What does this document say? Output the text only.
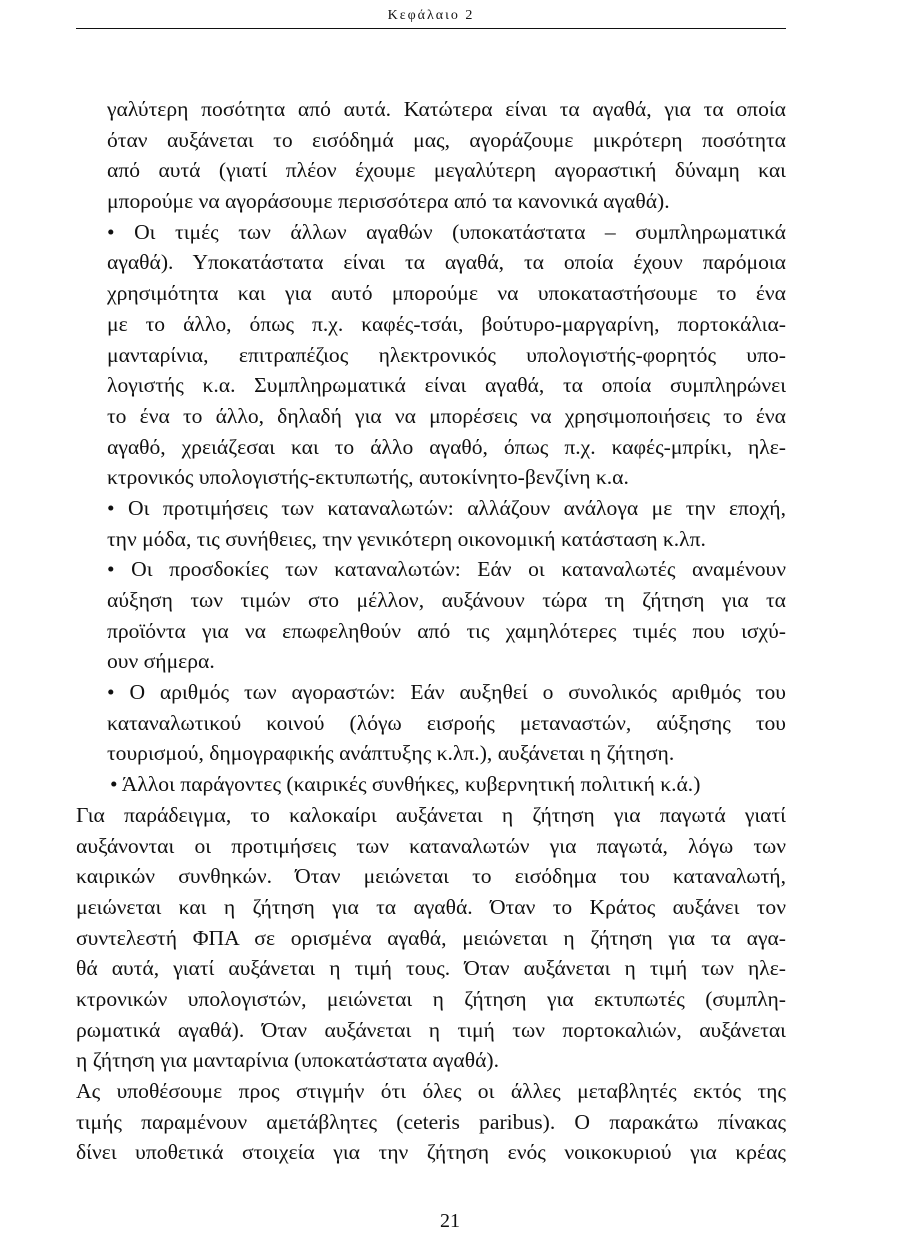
Κεφάλαιο 2
γαλύτερη ποσότητα από αυτά. Κατώτερα είναι τα αγαθά, για τα οποία
όταν αυξάνεται το εισόδημά μας, αγοράζουμε μικρότερη ποσότητα
από αυτά (γιατί πλέον έχουμε μεγαλύτερη αγοραστική δύναμη και
μπορούμε να αγοράσουμε περισσότερα από τα κανονικά αγαθά).
• Οι τιμές των άλλων αγαθών (υποκατάστατα – συμπληρωματικά
αγαθά). Υποκατάστατα είναι τα αγαθά, τα οποία έχουν παρόμοια
χρησιμότητα και για αυτό μπορούμε να υποκαταστήσουμε το ένα
με το άλλο, όπως π.χ. καφές-τσάι, βούτυρο-μαργαρίνη, πορτοκάλια-
μανταρίνια, επιτραπέζιος ηλεκτρονικός υπολογιστής-φορητός υπο-
λογιστής κ.α. Συμπληρωματικά είναι αγαθά, τα οποία συμπληρώνει
το ένα το άλλο, δηλαδή για να μπορέσεις να χρησιμοποιήσεις το ένα
αγαθό, χρειάζεσαι και το άλλο αγαθό, όπως π.χ. καφές-μπρίκι, ηλε-
κτρονικός υπολογιστής-εκτυπωτής, αυτοκίνητο-βενζίνη κ.α.
• Οι προτιμήσεις των καταναλωτών: αλλάζουν ανάλογα με την εποχή,
την μόδα, τις συνήθειες, την γενικότερη οικονομική κατάσταση κ.λπ.
• Οι προσδοκίες των καταναλωτών: Εάν οι καταναλωτές αναμένουν
αύξηση των τιμών στο μέλλον, αυξάνουν τώρα τη ζήτηση για τα
προϊόντα για να επωφεληθούν από τις χαμηλότερες τιμές που ισχύ-
ουν σήμερα.
• Ο αριθμός των αγοραστών: Εάν αυξηθεί ο συνολικός αριθμός του
καταναλωτικού κοινού (λόγω εισροής μεταναστών, αύξησης του
τουρισμού, δημογραφικής ανάπτυξης κ.λπ.), αυξάνεται η ζήτηση.
• Άλλοι παράγοντες (καιρικές συνθήκες, κυβερνητική πολιτική κ.ά.)
Για παράδειγμα, το καλοκαίρι αυξάνεται η ζήτηση για παγωτά γιατί
αυξάνονται οι προτιμήσεις των καταναλωτών για παγωτά, λόγω των
καιρικών συνθηκών. Όταν μειώνεται το εισόδημα του καταναλωτή,
μειώνεται και η ζήτηση για τα αγαθά. Όταν το Κράτος αυξάνει τον
συντελεστή ΦΠΑ σε ορισμένα αγαθά, μειώνεται η ζήτηση για τα αγα-
θά αυτά, γιατί αυξάνεται η τιμή τους. Όταν αυξάνεται η τιμή των ηλε-
κτρονικών υπολογιστών, μειώνεται η ζήτηση για εκτυπωτές (συμπλη-
ρωματικά αγαθά). Όταν αυξάνεται η τιμή των πορτοκαλιών, αυξάνεται
η ζήτηση για μανταρίνια (υποκατάστατα αγαθά).
Ας υποθέσουμε προς στιγμήν ότι όλες οι άλλες μεταβλητές εκτός της
τιμής παραμένουν αμετάβλητες (ceteris paribus). Ο παρακάτω πίνακας
δίνει υποθετικά στοιχεία για την ζήτηση ενός νοικοκυριού για κρέας
21
